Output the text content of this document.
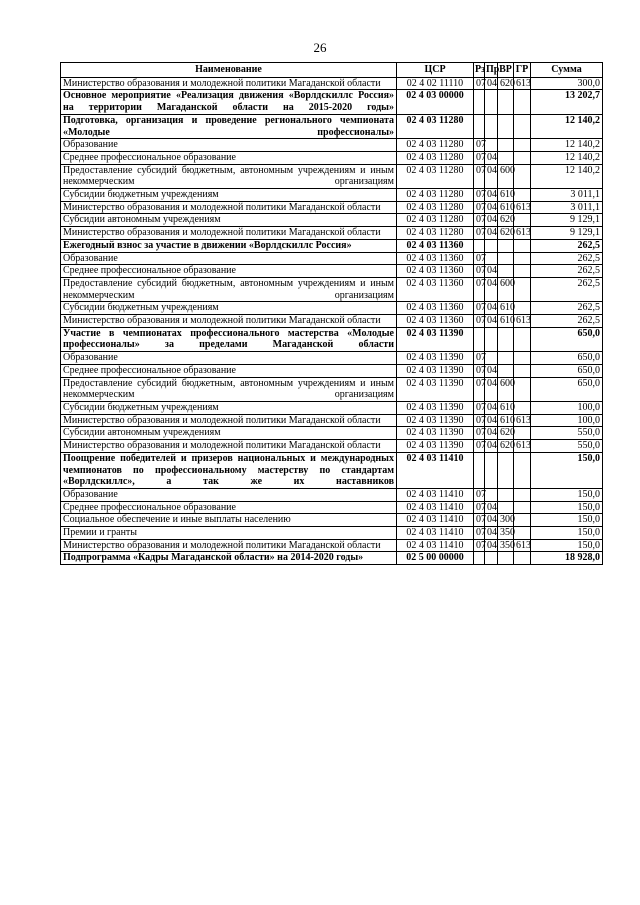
26
Наименование	ЦСР	Рз	Пр	ВР	ГР	Сумма
Министерство образования и молодежной политики Магаданской области	02 4 02 11110	07	04	620	613	300,0
Основное мероприятие «Реализация движения «Ворлдскиллс Россия» на территории Магаданской области на 2015-2020 годы»	02 4 03 00000					13 202,7
Подготовка, организация и проведение регионального чемпионата «Молодые профессионалы»	02 4 03 11280					12 140,2
Образование	02 4 03 11280	07				12 140,2
Среднее профессиональное образование	02 4 03 11280	07	04			12 140,2
Предоставление субсидий бюджетным, автономным учреждениям и иным некоммерческим организациям	02 4 03 11280	07	04	600		12 140,2
Субсидии бюджетным учреждениям	02 4 03 11280	07	04	610		3 011,1
Министерство образования и молодежной политики Магаданской области	02 4 03 11280	07	04	610	613	3 011,1
Субсидии автономным учреждениям	02 4 03 11280	07	04	620		9 129,1
Министерство образования и молодежной политики Магаданской области	02 4 03 11280	07	04	620	613	9 129,1
Ежегодный взнос за участие в движении «Ворлдскиллс Россия»	02 4 03 11360					262,5
Образование	02 4 03 11360	07				262,5
Среднее профессиональное образование	02 4 03 11360	07	04			262,5
Предоставление субсидий бюджетным, автономным учреждениям и иным некоммерческим организациям	02 4 03 11360	07	04	600		262,5
Субсидии бюджетным учреждениям	02 4 03 11360	07	04	610		262,5
Министерство образования и молодежной политики Магаданской области	02 4 03 11360	07	04	610	613	262,5
Участие в чемпионатах профессионального мастерства «Молодые профессионалы» за пределами Магаданской области	02 4 03 11390					650,0
Образование	02 4 03 11390	07				650,0
Среднее профессиональное образование	02 4 03 11390	07	04			650,0
Предоставление субсидий бюджетным, автономным учреждениям и иным некоммерческим организациям	02 4 03 11390	07	04	600		650,0
Субсидии бюджетным учреждениям	02 4 03 11390	07	04	610		100,0
Министерство образования и молодежной политики Магаданской области	02 4 03 11390	07	04	610	613	100,0
Субсидии автономным учреждениям	02 4 03 11390	07	04	620		550,0
Министерство образования и молодежной политики Магаданской области	02 4 03 11390	07	04	620	613	550,0
Поощрение победителей и призеров национальных и международных чемпионатов по профессиональному мастерству по стандартам «Ворлдскиллс», а так же их наставников	02 4 03 11410					150,0
Образование	02 4 03 11410	07				150,0
Среднее профессиональное образование	02 4 03 11410	07	04			150,0
Социальное обеспечение и иные выплаты населению	02 4 03 11410	07	04	300		150,0
Премии и гранты	02 4 03 11410	07	04	350		150,0
Министерство образования и молодежной политики Магаданской области	02 4 03 11410	07	04	350	613	150,0
Подпрограмма «Кадры Магаданской области» на 2014-2020 годы»	02 5 00 00000					18 928,0
